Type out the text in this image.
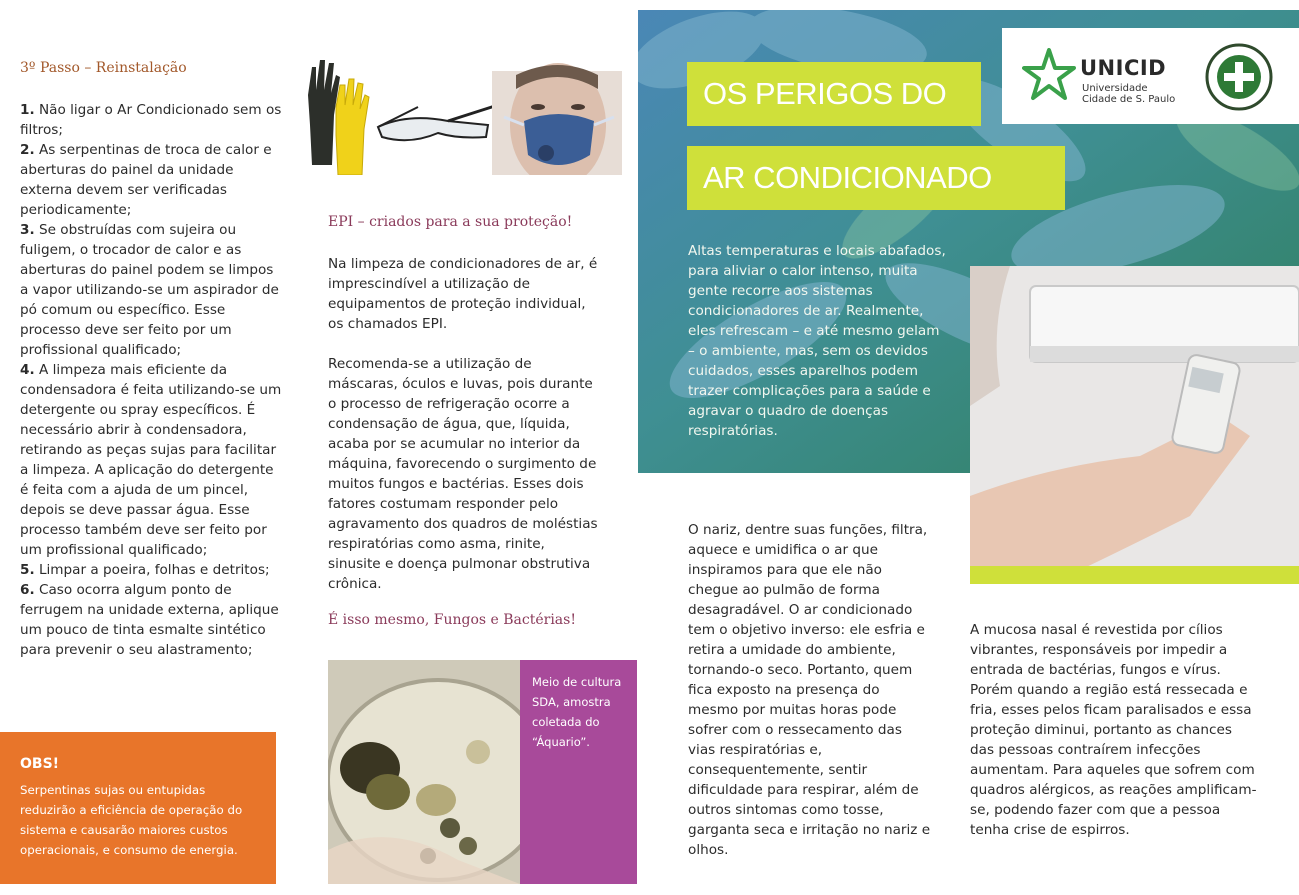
3º Passo – Reinstalação

1. Não ligar o Ar Condicionado sem os filtros;

2. As serpentinas de troca de calor e aberturas do painel da unidade externa devem ser verificadas periodicamente;

3. Se obstruídas com sujeira ou fuligem, o trocador de calor e as aberturas do painel podem se limpos a vapor utilizando-se um aspirador de pó comum ou específico. Esse processo deve ser feito por um profissional qualificado;

4. A limpeza mais eficiente da condensadora é feita utilizando-se um detergente ou spray específicos. É necessário abrir à condensadora, retirando as peças sujas para facilitar a limpeza. A aplicação do detergente é feita com a ajuda de um pincel, depois se deve passar água. Esse processo também deve ser feito por um profissional qualificado;

5. Limpar a poeira, folhas e detritos;

6. Caso ocorra algum ponto de ferrugem na unidade externa, aplique um pouco de tinta esmalte sintético para prevenir o seu alastramento;

OBS!
Serpentinas sujas ou entupidas reduzirão a eficiência de operação do sistema e causarão maiores custos operacionais, e consumo de energia.
EPI – criados para a sua proteção!

Na limpeza de condicionadores de ar, é imprescindível a utilização de equipamentos de proteção individual, os chamados EPI.

Recomenda-se a utilização de máscaras, óculos e luvas, pois durante o processo de refrigeração ocorre a condensação de água, que, líquida, acaba por se acumular no interior da máquina, favorecendo o surgimento de muitos fungos e bactérias. Esses dois fatores costumam responder pelo agravamento dos quadros de moléstias respiratórias como asma, rinite, sinusite e doença pulmonar obstrutiva crônica.

É isso mesmo, Fungos e Bactérias!
Meio de cultura SDA, amostra coletada do “Áquario”.
UNICID
Universidade
Cidade de S. Paulo
OS PERIGOS DO
AR CONDICIONADO
Altas temperaturas e locais abafados, para aliviar o calor intenso, muita gente recorre aos sistemas condicionadores de ar. Realmente, eles refrescam – e até mesmo gelam – o ambiente, mas, sem os devidos cuidados, esses aparelhos podem trazer complicações para a saúde e agravar o quadro de doenças respiratórias.
O nariz, dentre suas funções, filtra, aquece e umidifica o ar que inspiramos para que ele não chegue ao pulmão de forma desagradável. O ar condicionado tem o objetivo inverso: ele esfria e retira a umidade do ambiente, tornando-o seco. Portanto, quem fica exposto na presença do mesmo por muitas horas pode sofrer com o ressecamento das vias respiratórias e, consequentemente, sentir dificuldade para respirar, além de outros sintomas como tosse, garganta seca e irritação no nariz e olhos.
A mucosa nasal é revestida por cílios vibrantes, responsáveis por impedir a entrada de bactérias, fungos e vírus. Porém quando a região está ressecada e fria, esses pelos ficam paralisados e essa proteção diminui, portanto as chances das pessoas contraírem infecções aumentam. Para aqueles que sofrem com quadros alérgicos, as reações amplificam-se, podendo fazer com que a pessoa tenha crise de espirros.
